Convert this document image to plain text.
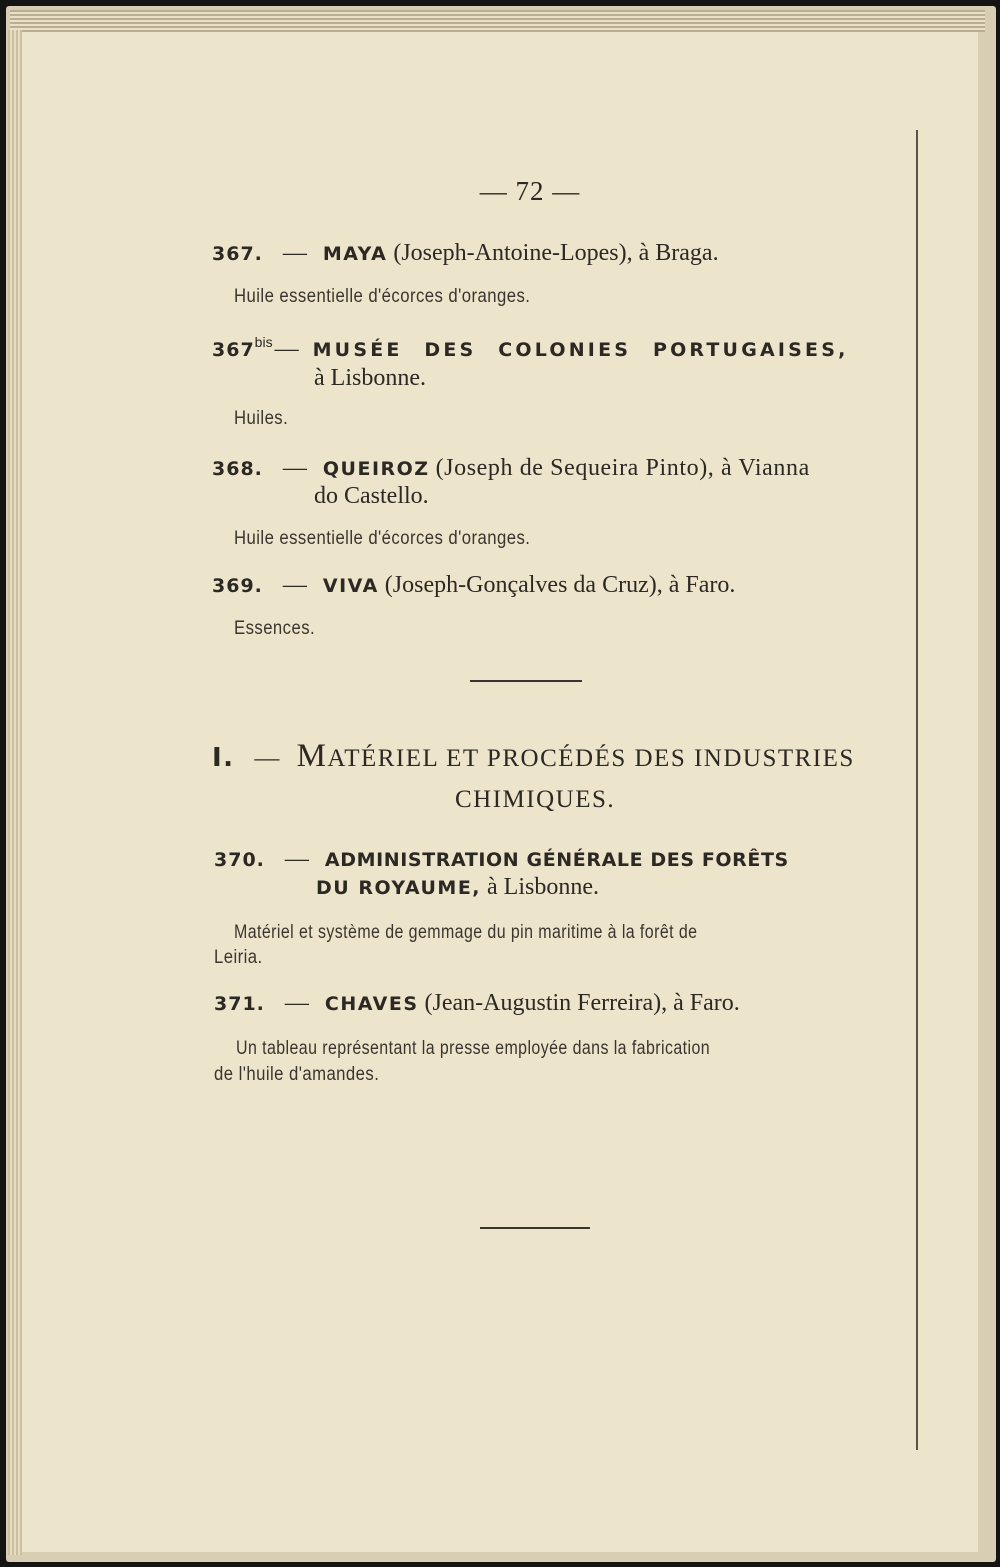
— 72 —
367. — MAYA (Joseph-Antoine-Lopes), à Braga.
Huile essentielle d'écorces d'oranges.
$367^{bis}—$ MUSÉE DES COLONIES PORTUGAISES,
à Lisbonne.
Huiles.
368. — QUEIROZ (Joseph de Sequeira Pinto), à Vianna
do Castello.
Huile essentielle d'écorces d'oranges.
369. — VIVA (Joseph-Gonçalves da Cruz), à Faro.
Essences.
I. — MATÉRIEL ET PROCÉDÉS DES INDUSTRIES
CHIMIQUES.
370. — ADMINISTRATION GÉNÉRALE DES FORÊTS
DU ROYAUME, à Lisbonne.
Matériel et système de gemmage du pin maritime à la forêt de
Leiria.
371. — CHAVES (Jean-Augustin Ferreira), à Faro.
Un tableau représentant la presse employée dans la fabrication
de l'huile d'amandes.
